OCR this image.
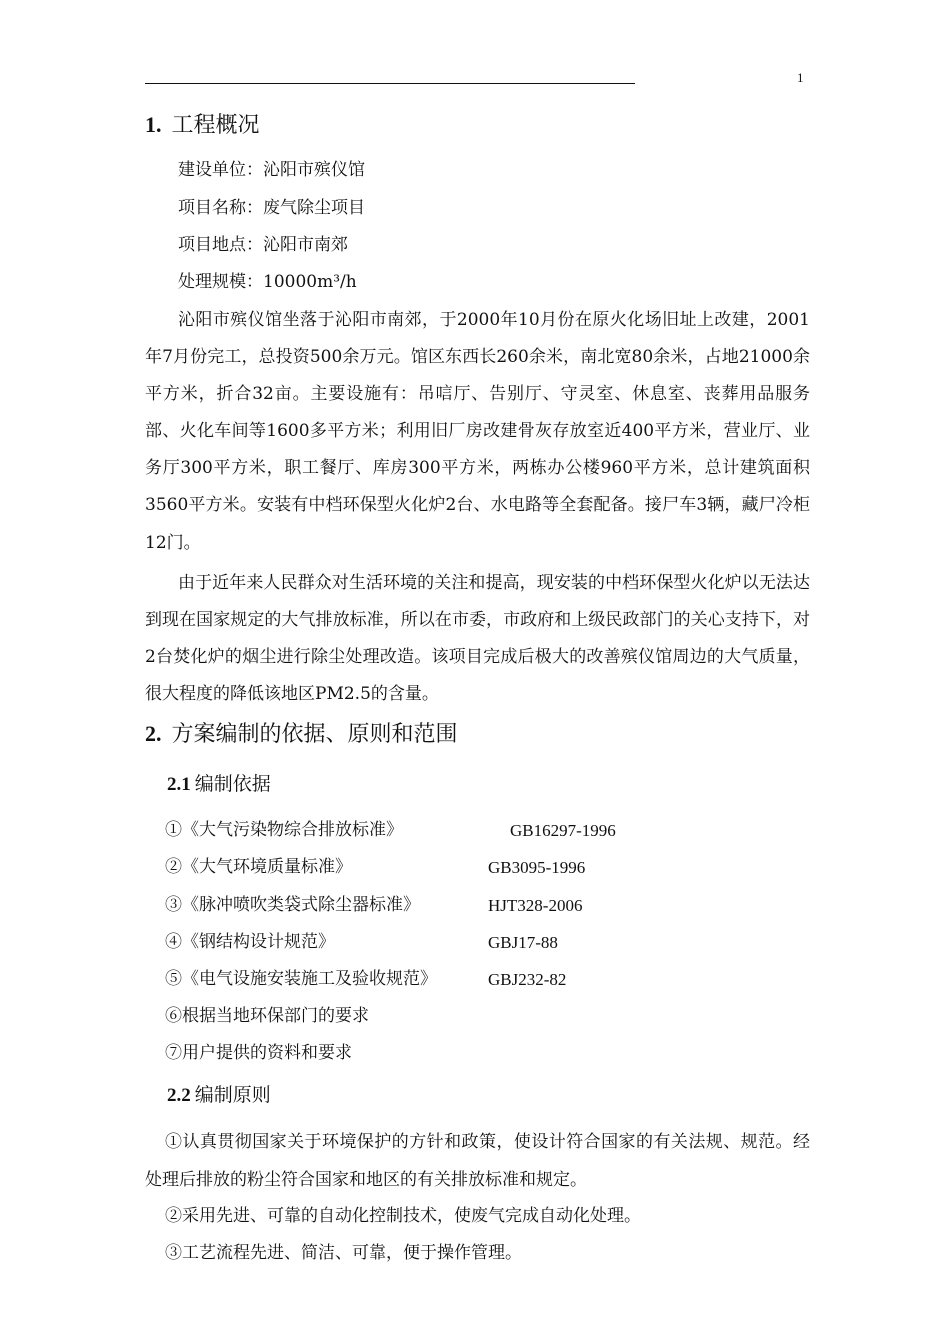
1
1. 工程概况
建设单位：沁阳市殡仪馆
项目名称：废气除尘项目
项目地点：沁阳市南郊
处理规模：10000m³/h

沁阳市殡仪馆坐落于沁阳市南郊，于2000年10月份在原火化场旧址上改建，2001年7月份完工，总投资500余万元。馆区东西长260余米，南北宽80余米，占地21000余平方米，折合32亩。主要设施有：吊唁厅、告别厅、守灵室、休息室、丧葬用品服务部、火化车间等1600多平方米；利用旧厂房改建骨灰存放室近400平方米，营业厅、业务厅300平方米，职工餐厅、库房300平方米，两栋办公楼960平方米，总计建筑面积3560平方米。安装有中档环保型火化炉2台、水电路等全套配备。接尸车3辆，藏尸冷柜12门。

由于近年来人民群众对生活环境的关注和提高，现安装的中档环保型火化炉以无法达到现在国家规定的大气排放标准，所以在市委，市政府和上级民政部门的关心支持下，对2台焚化炉的烟尘进行除尘处理改造。该项目完成后极大的改善殡仪馆周边的大气质量，很大程度的降低该地区PM2.5的含量。

2. 方案编制的依据、原则和范围
2.1 编制依据
①《大气污染物综合排放标准》	GB16297-1996
②《大气环境质量标准》	GB3095-1996
③《脉冲喷吹类袋式除尘器标准》	HJT328-2006
④《钢结构设计规范》	GBJ17-88
⑤《电气设施安装施工及验收规范》	GBJ232-82
⑥根据当地环保部门的要求
⑦用户提供的资料和要求
2.2 编制原则

①认真贯彻国家关于环境保护的方针和政策，使设计符合国家的有关法规、规范。经处理后排放的粉尘符合国家和地区的有关排放标准和规定。

②采用先进、可靠的自动化控制技术，使废气完成自动化处理。
③工艺流程先进、简洁、可靠，便于操作管理。
